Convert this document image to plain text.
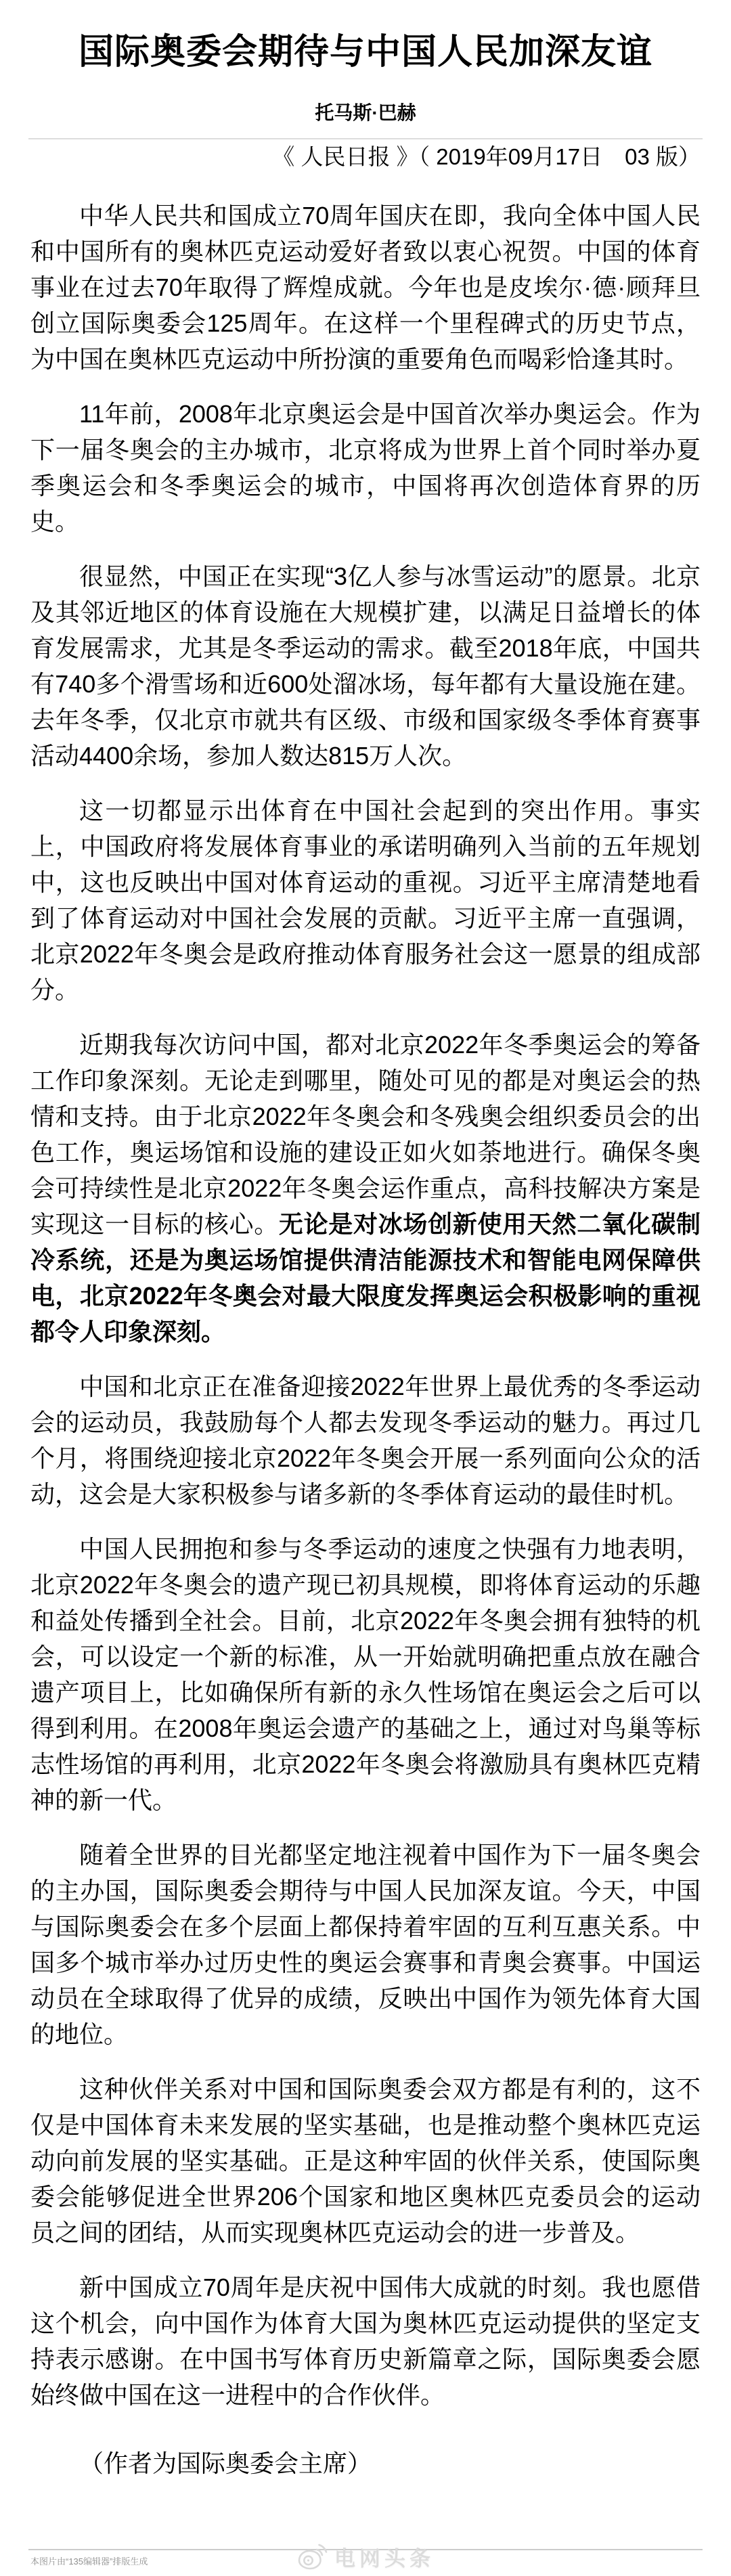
国际奥委会期待与中国人民加深友谊
托马斯·巴赫
《 人民日报 》（ 2019年09月17日　03 版）

中华人民共和国成立70周年国庆在即，我向全体中国人民和中国所有的奥林匹克运动爱好者致以衷心祝贺。中国的体育事业在过去70年取得了辉煌成就。今年也是皮埃尔·德·顾拜旦创立国际奥委会125周年。在这样一个里程碑式的历史节点，为中国在奥林匹克运动中所扮演的重要角色而喝彩恰逢其时。

11年前，2008年北京奥运会是中国首次举办奥运会。作为下一届冬奥会的主办城市，北京将成为世界上首个同时举办夏季奥运会和冬季奥运会的城市，中国将再次创造体育界的历史。

很显然，中国正在实现“3亿人参与冰雪运动”的愿景。北京及其邻近地区的体育设施在大规模扩建，以满足日益增长的体育发展需求，尤其是冬季运动的需求。截至2018年底，中国共有740多个滑雪场和近600处溜冰场，每年都有大量设施在建。去年冬季，仅北京市就共有区级、市级和国家级冬季体育赛事活动4400余场，参加人数达815万人次。

这一切都显示出体育在中国社会起到的突出作用。事实上，中国政府将发展体育事业的承诺明确列入当前的五年规划中，这也反映出中国对体育运动的重视。习近平主席清楚地看到了体育运动对中国社会发展的贡献。习近平主席一直强调，北京2022年冬奥会是政府推动体育服务社会这一愿景的组成部分。

近期我每次访问中国，都对北京2022年冬季奥运会的筹备工作印象深刻。无论走到哪里，随处可见的都是对奥运会的热情和支持。由于北京2022年冬奥会和冬残奥会组织委员会的出色工作，奥运场馆和设施的建设正如火如荼地进行。确保冬奥会可持续性是北京2022年冬奥会运作重点，高科技解决方案是实现这一目标的核心。无论是对冰场创新使用天然二氧化碳制冷系统，还是为奥运场馆提供清洁能源技术和智能电网保障供电，北京2022年冬奥会对最大限度发挥奥运会积极影响的重视都令人印象深刻。

中国和北京正在准备迎接2022年世界上最优秀的冬季运动会的运动员，我鼓励每个人都去发现冬季运动的魅力。再过几个月，将围绕迎接北京2022年冬奥会开展一系列面向公众的活动，这会是大家积极参与诸多新的冬季体育运动的最佳时机。

中国人民拥抱和参与冬季运动的速度之快强有力地表明，北京2022年冬奥会的遗产现已初具规模，即将体育运动的乐趣和益处传播到全社会。目前，北京2022年冬奥会拥有独特的机会，可以设定一个新的标准，从一开始就明确把重点放在融合遗产项目上，比如确保所有新的永久性场馆在奥运会之后可以得到利用。在2008年奥运会遗产的基础之上，通过对鸟巢等标志性场馆的再利用，北京2022年冬奥会将激励具有奥林匹克精神的新一代。

随着全世界的目光都坚定地注视着中国作为下一届冬奥会的主办国，国际奥委会期待与中国人民加深友谊。今天，中国与国际奥委会在多个层面上都保持着牢固的互利互惠关系。中国多个城市举办过历史性的奥运会赛事和青奥会赛事。中国运动员在全球取得了优异的成绩，反映出中国作为领先体育大国的地位。

这种伙伴关系对中国和国际奥委会双方都是有利的，这不仅是中国体育未来发展的坚实基础，也是推动整个奥林匹克运动向前发展的坚实基础。正是这种牢固的伙伴关系，使国际奥委会能够促进全世界206个国家和地区奥林匹克委员会的运动员之间的团结，从而实现奥林匹克运动会的进一步普及。

新中国成立70周年是庆祝中国伟大成就的时刻。我也愿借这个机会，向中国作为体育大国为奥林匹克运动提供的坚定支持表示感谢。在中国书写体育历史新篇章之际，国际奥委会愿始终做中国在这一进程中的合作伙伴。

（作者为国际奥委会主席）
本图片由“135编辑器”排版生成	电网头条
